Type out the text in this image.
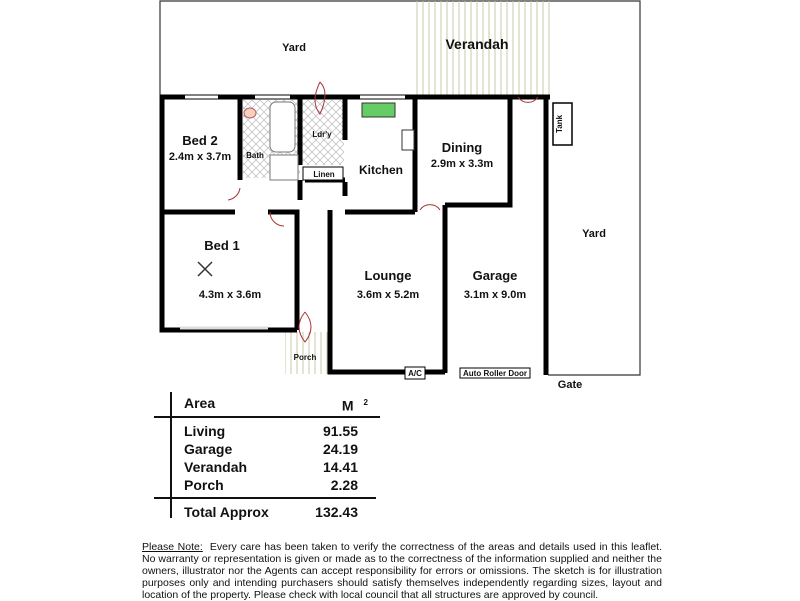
A/C	Auto Roller Door
Yard	Verandah
Bed 2
2.4m x 3.7m Bath
Ldr'y
Linen Kitchen
Dining
2.9m x 3.3m
Tank
Yard
Bed 1
4.3m x 3.6m
Lounge
3.6m x 5.2m
Garage
3.1m x 9.0m
Porch
Gate
Area	M $^2$
Living	91.55
Garage	24.19
Verandah	14.41
Porch	2.28
Total Approx	132.43
Please Note: Every care has been taken to verify the correctness of the areas and details used in this leaflet. No warranty or representation is given or made as to the correctness of the information supplied and neither the owners, illustrator nor the Agents can accept responsibility for errors or omissions. The sketch is for illustration purposes only and intending purchasers should satisfy themselves independently regarding sizes, layout and location of the property. Please check with local council that all structures are approved by council.
